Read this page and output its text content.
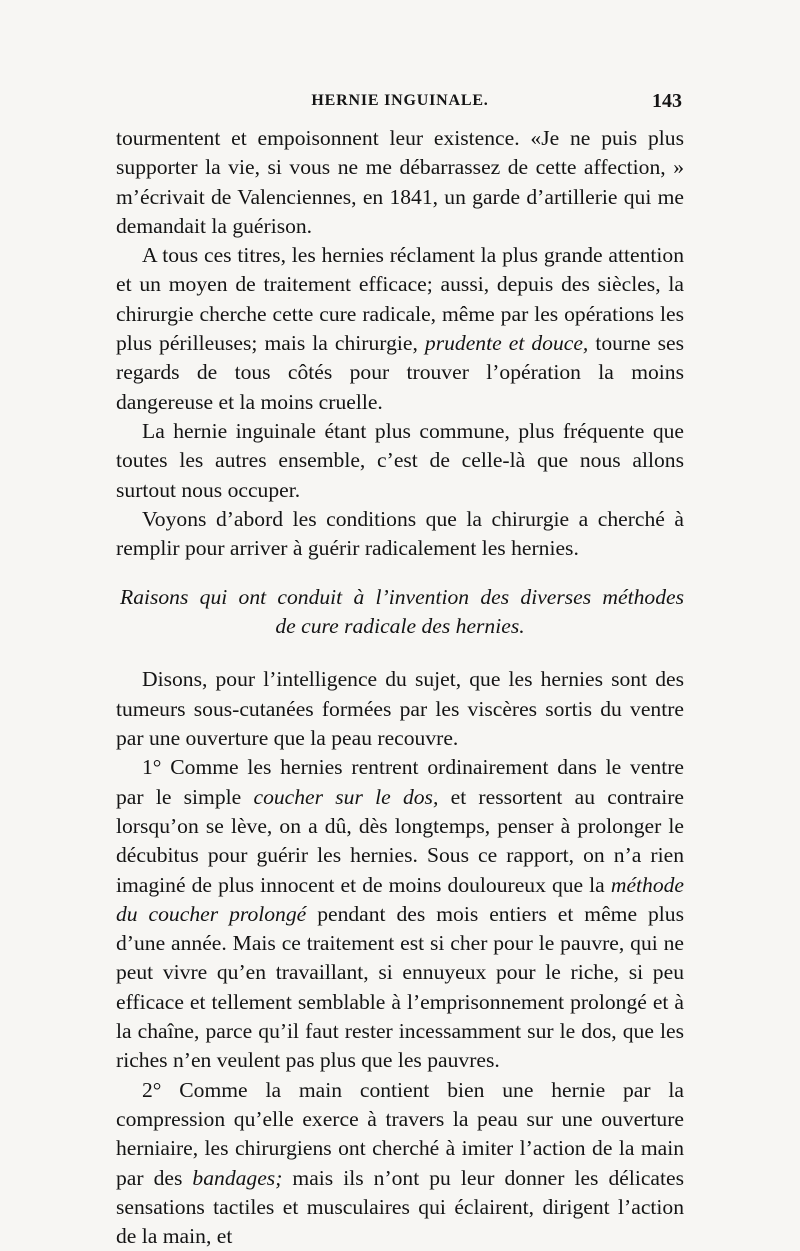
HERNIE INGUINALE.	143

tourmentent et empoisonnent leur existence. «Je ne puis plus supporter la vie, si vous ne me débarrassez de cette affection, » m’écrivait de Valenciennes, en 1841, un garde d’artillerie qui me demandait la guérison.

A tous ces titres, les hernies réclament la plus grande attention et un moyen de traitement efficace; aussi, depuis des siècles, la chirurgie cherche cette cure radicale, même par les opérations les plus périlleuses; mais la chirurgie, prudente et douce, tourne ses regards de tous côtés pour trouver l’opération la moins dangereuse et la moins cruelle.

La hernie inguinale étant plus commune, plus fréquente que toutes les autres ensemble, c’est de celle-là que nous allons surtout nous occuper.

Voyons d’abord les conditions que la chirurgie a cherché à remplir pour arriver à guérir radicalement les hernies.

Raisons qui ont conduit à l’invention des diverses méthodes
de cure radicale des hernies.

Disons, pour l’intelligence du sujet, que les hernies sont des tumeurs sous-cutanées formées par les viscères sortis du ventre par une ouverture que la peau recouvre.

1° Comme les hernies rentrent ordinairement dans le ventre par le simple coucher sur le dos, et ressortent au contraire lorsqu’on se lève, on a dû, dès longtemps, penser à prolonger le décubitus pour guérir les hernies. Sous ce rapport, on n’a rien imaginé de plus innocent et de moins douloureux que la méthode du coucher prolongé pendant des mois entiers et même plus d’une année. Mais ce traitement est si cher pour le pauvre, qui ne peut vivre qu’en travaillant, si ennuyeux pour le riche, si peu efficace et tellement semblable à l’emprisonnement prolongé et à la chaîne, parce qu’il faut rester incessamment sur le dos, que les riches n’en veulent pas plus que les pauvres.

2° Comme la main contient bien une hernie par la compression qu’elle exerce à travers la peau sur une ouverture herniaire, les chirurgiens ont cherché à imiter l’action de la main par des bandages; mais ils n’ont pu leur donner les délicates sensations tactiles et musculaires qui éclairent, dirigent l’action de la main, et
